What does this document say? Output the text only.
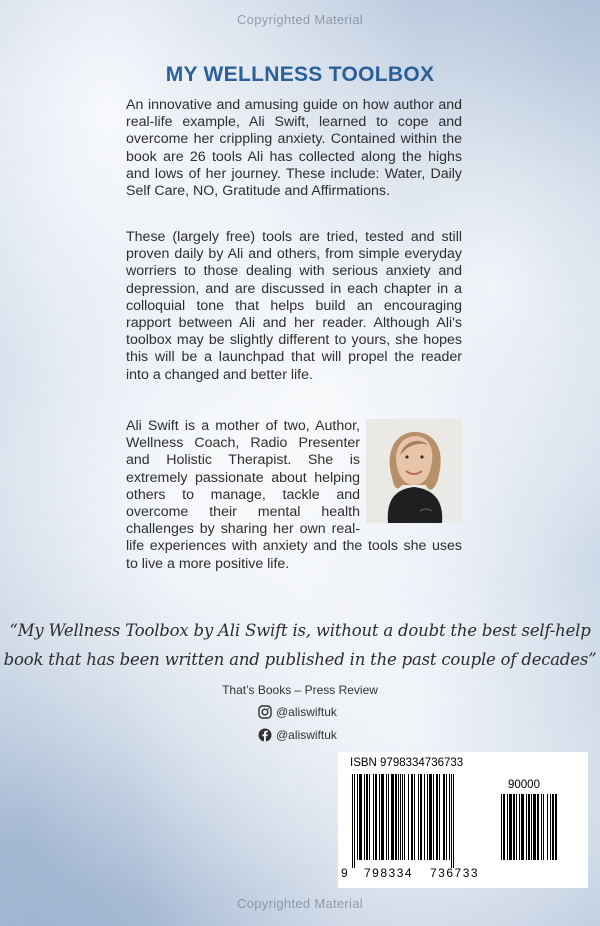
Copyrighted Material
MY WELLNESS TOOLBOX

An innovative and amusing guide on how author and real-life example, Ali Swift, learned to cope and overcome her crippling anxiety. Contained within the book are 26 tools Ali has collected along the highs and lows of her journey. These include: Water, Daily Self Care, NO, Gratitude and Affirmations.

These (largely free) tools are tried, tested and still proven daily by Ali and others, from simple everyday worriers to those dealing with serious anxiety and depression, and are discussed in each chapter in a colloquial tone that helps build an encouraging rapport between Ali and her reader. Although Ali's toolbox may be slightly different to yours, she hopes this will be a launchpad that will propel the reader into a changed and better life.

Ali Swift is a mother of two, Author, Wellness Coach, Radio Presenter and Holistic Therapist. She is extremely passionate about helping others to manage, tackle and overcome their mental health challenges by sharing her own real-life experiences with anxiety and the tools she uses to live a more positive life.
“My Wellness Toolbox by Ali Swift is, without a doubt the best self-help
book that has been written and published in the past couple of decades”
That’s Books – Press Review
@aliswiftuk
@aliswiftuk
ISBN 9798334736733
90000
9 798334 736733
Copyrighted Material
